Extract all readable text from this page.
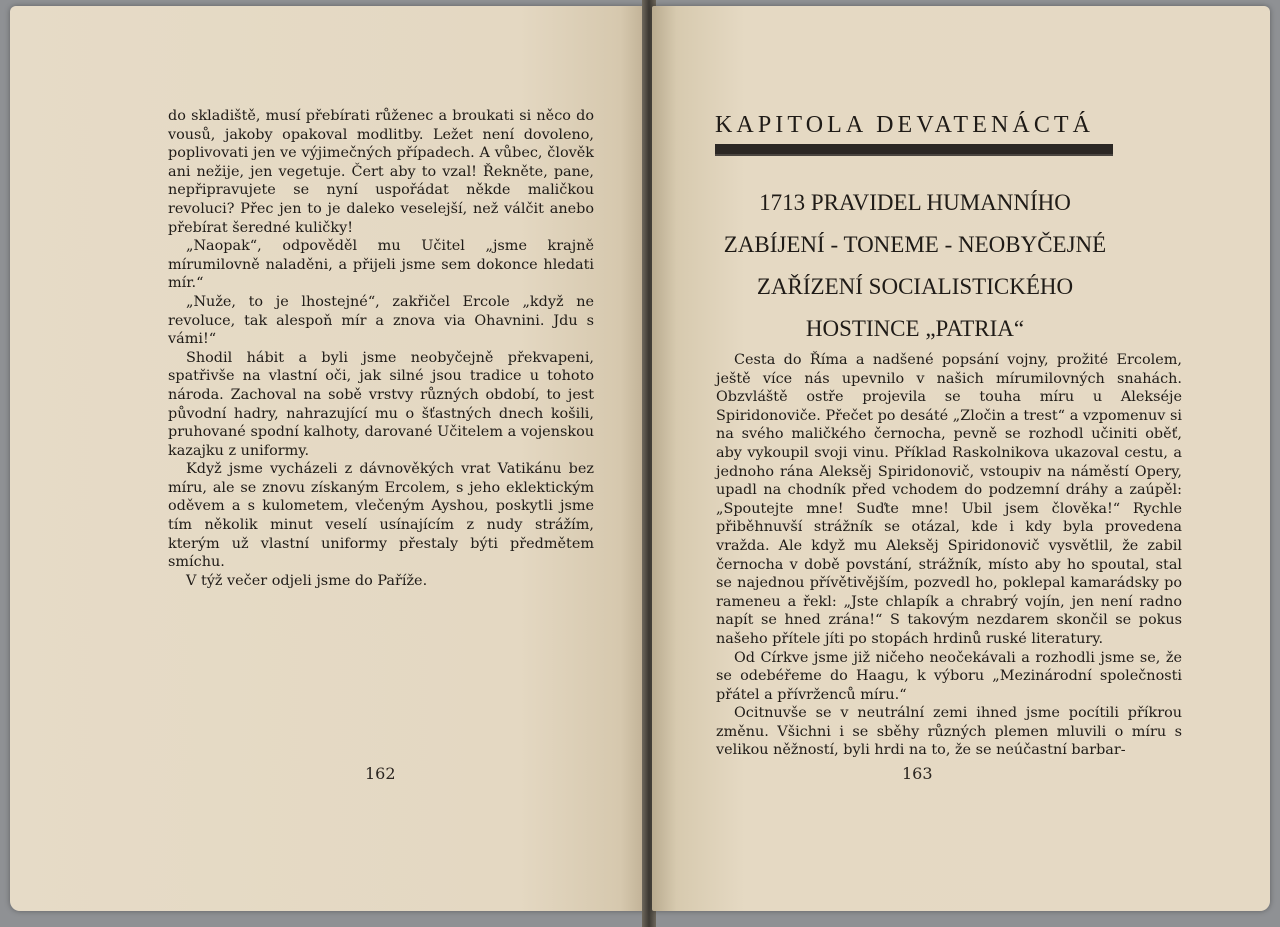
do skladiště, musí přebírati růženec a broukati si něco do vousů, jakoby opakoval modlitby. Ležet není dovoleno, poplivovati jen ve výjimečných případech. A vůbec, člověk ani nežije, jen vegetuje. Čert aby to vzal! Řekněte, pane, nepřipravujete se nyní uspořádat někde maličkou revoluci? Přec jen to je daleko veselejší, než válčit anebo přebírat šeredné kuličky!

„Naopak“, odpověděl mu Učitel „jsme krajně mírumilovně naladěni, a přijeli jsme sem dokonce hledati mír.“

„Nuže, to je lhostejné“, zakřičel Ercole „když ne revoluce, tak alespoň mír a znova via Ohavnini. Jdu s vámi!“

Shodil hábit a byli jsme neobyčejně překvapeni, spatřivše na vlastní oči, jak silné jsou tradice u tohoto národa. Zachoval na sobě vrstvy různých období, to jest původní hadry, nahrazující mu o šťastných dnech košili, pruhované spodní kalhoty, darované Učitelem a vojenskou kazajku z uniformy.

Když jsme vycházeli z dávnověkých vrat Vatikánu bez míru, ale se znovu získaným Ercolem, s jeho eklektickým oděvem a s kulometem, vlečeným Ayshou, poskytli jsme tím několik minut veselí usínajícím z nudy strážím, kterým už vlastní uniformy přestaly býti předmětem smíchu.

V týž večer odjeli jsme do Paříže.

162
KAPITOLA DEVATENÁCTÁ
1713 PRAVIDEL HUMANNÍHO
ZABÍJENÍ - TONEME - NEOBYČEJNÉ
ZAŘÍZENÍ SOCIALISTICKÉHO
HOSTINCE „PATRIA“

Cesta do Říma a nadšené popsání vojny, prožité Ercolem, ještě více nás upevnilo v našich mírumilovných snahách. Obzvláště ostře projevila se touha míru u Alekséje Spiridonoviče. Přečet po desáté „Zločin a trest“ a vzpomenuv si na svého maličkého černocha, pevně se rozhodl učiniti oběť, aby vykoupil svoji vinu. Příklad Raskolnikova ukazoval cestu, a jednoho rána Aleksěj Spiridonovič, vstoupiv na náměstí Opery, upadl na chodník před vchodem do podzemní dráhy a zaúpěl: „Spoutejte mne! Suďte mne! Ubil jsem člověka!“ Rychle přiběhnuvší strážník se otázal, kde i kdy byla provedena vražda. Ale když mu Aleksěj Spiridonovič vysvětlil, že zabil černocha v době povstání, strážník, místo aby ho spoutal, stal se najednou přívětivějším, pozvedl ho, poklepal kamarádsky po rameneu a řekl: „Jste chlapík a chrabrý vojín, jen není radno napít se hned zrána!“ S takovým nezdarem skončil se pokus našeho přítele jíti po stopách hrdinů ruské literatury.

Od Církve jsme již ničeho neočekávali a rozhodli jsme se, že se odebéřeme do Haagu, k výboru „Mezinárodní společnosti přátel a přívrženců míru.“

Ocitnuvše se v neutrální zemi ihned jsme pocítili příkrou změnu. Všichni i se sběhy různých plemen mluvili o míru s velikou něžností, byli hrdi na to, že se neúčastní barbar-

163
